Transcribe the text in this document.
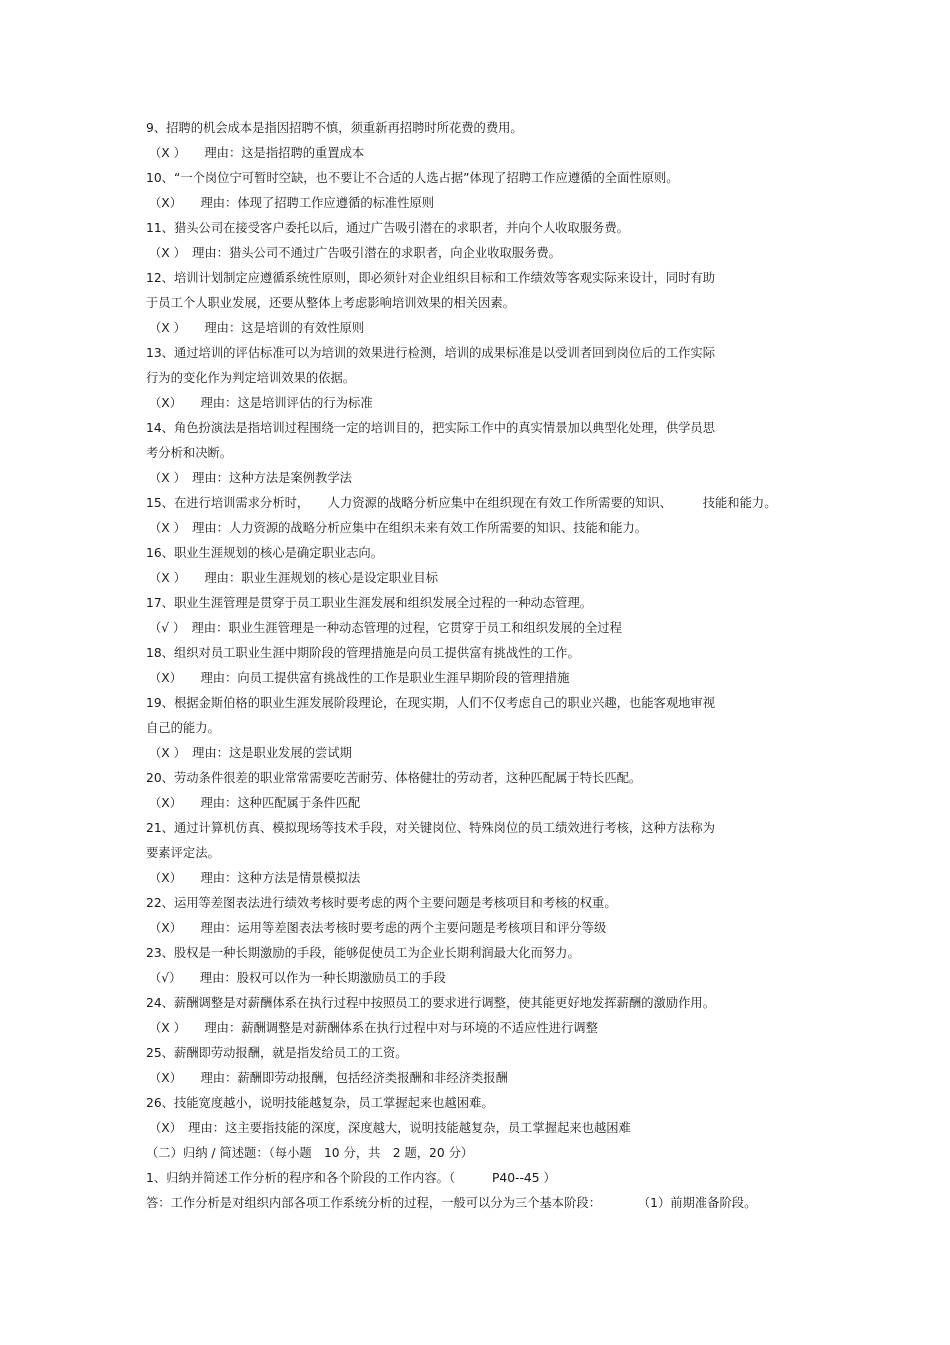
9、招聘的机会成本是指因招聘不慎，须重新再招聘时所花费的费用。
（X ）　　理由：这是指招聘的重置成本
10、“一个岗位宁可暂时空缺，也不要让不合适的人选占据”体现了招聘工作应遵循的全面性原则。
（X）　　理由：体现了招聘工作应遵循的标准性原则
11、猎头公司在接受客户委托以后，通过广告吸引潜在的求职者，并向个人收取服务费。
（X ）　理由：猎头公司不通过广告吸引潜在的求职者，向企业收取服务费。
12、培训计划制定应遵循系统性原则，即必须针对企业组织目标和工作绩效等客观实际来设计，同时有助
于员工个人职业发展，还要从整体上考虑影响培训效果的相关因素。
（X ）　　理由：这是培训的有效性原则
13、通过培训的评估标准可以为培训的效果进行检测，培训的成果标准是以受训者回到岗位后的工作实际
行为的变化作为判定培训效果的依据。
（X）　　理由：这是培训评估的行为标准
14、角色扮演法是指培训过程围绕一定的培训目的，把实际工作中的真实情景加以典型化处理，供学员思
考分析和决断。
（X ）　理由：这种方法是案例教学法
15、在进行培训需求分析时，　　人力资源的战略分析应集中在组织现在有效工作所需要的知识、　　　技能和能力。
（X ）　理由：人力资源的战略分析应集中在组织未来有效工作所需要的知识、技能和能力。
16、职业生涯规划的核心是确定职业志向。
（X ）　　理由：职业生涯规划的核心是设定职业目标
17、职业生涯管理是贯穿于员工职业生涯发展和组织发展全过程的一种动态管理。
（√ ）　理由：职业生涯管理是一种动态管理的过程，它贯穿于员工和组织发展的全过程
18、组织对员工职业生涯中期阶段的管理措施是向员工提供富有挑战性的工作。
（X）　　理由：向员工提供富有挑战性的工作是职业生涯早期阶段的管理措施
19、根据金斯伯格的职业生涯发展阶段理论，在现实期，人们不仅考虑自己的职业兴趣，也能客观地审视
自己的能力。
（X ）　理由：这是职业发展的尝试期
20、劳动条件很差的职业常常需要吃苦耐劳、体格健壮的劳动者，这种匹配属于特长匹配。
（X）　　理由：这种匹配属于条件匹配
21、通过计算机仿真、模拟现场等技术手段，对关键岗位、特殊岗位的员工绩效进行考核，这种方法称为
要素评定法。
（X）　　理由：这种方法是情景模拟法
22、运用等差图表法进行绩效考核时要考虑的两个主要问题是考核项目和考核的权重。
（X）　　理由：运用等差图表法考核时要考虑的两个主要问题是考核项目和评分等级
23、股权是一种长期激励的手段，能够促使员工为企业长期利润最大化而努力。
（√）　　理由：股权可以作为一种长期激励员工的手段
24、薪酬调整是对薪酬体系在执行过程中按照员工的要求进行调整，使其能更好地发挥薪酬的激励作用。
（X ）　　理由：薪酬调整是对薪酬体系在执行过程中对与环境的不适应性进行调整
25、薪酬即劳动报酬，就是指发给员工的工资。
（X）　　理由：薪酬即劳动报酬，包括经济类报酬和非经济类报酬
26、技能宽度越小，说明技能越复杂，员工掌握起来也越困难。
（X）　理由：这主要指技能的深度，深度越大，说明技能越复杂，员工掌握起来也越困难
（二）归纳 / 简述题：（每小题　10 分，共　2 题，20 分）
1、归纳并简述工作分析的程序和各个阶段的工作内容。（　　　P40--45 ）
答：工作分析是对组织内部各项工作系统分析的过程，一般可以分为三个基本阶段：　　　　（1）前期准备阶段。
